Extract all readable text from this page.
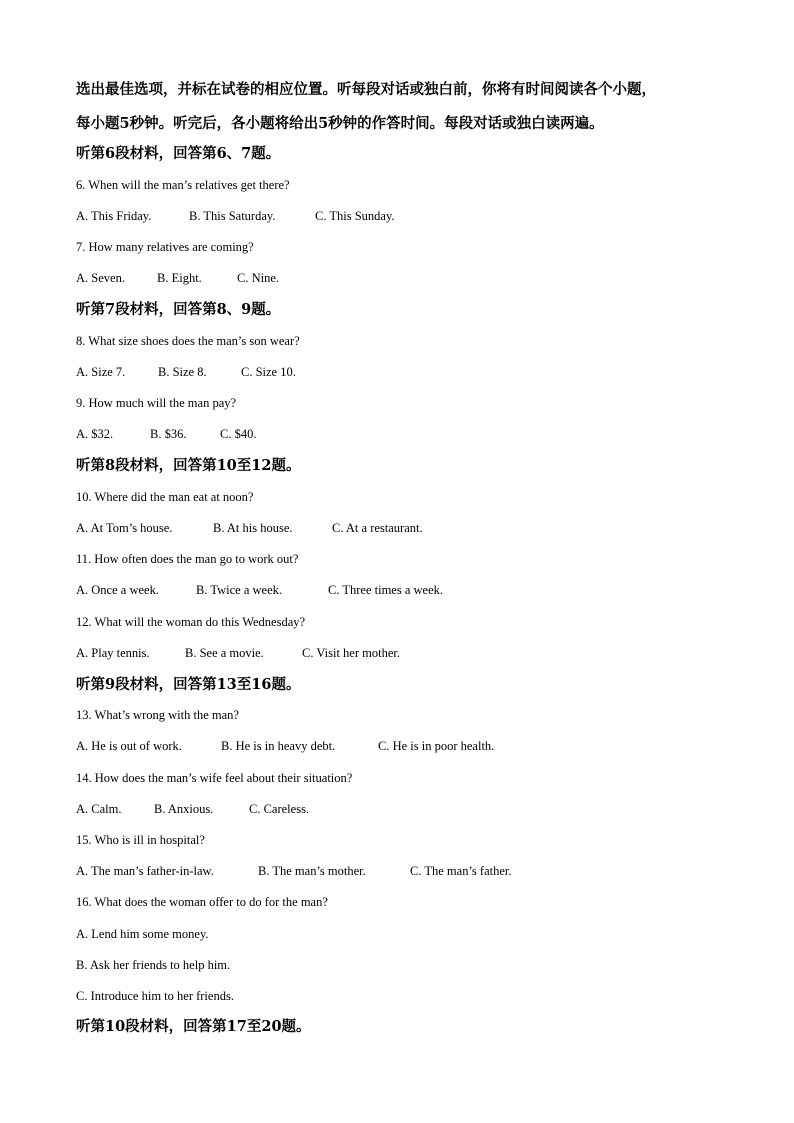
选出最佳选项，并标在试卷的相应位置。听每段对话或独白前，你将有时间阅读各个小题，
每小题5秒钟。听完后，各小题将给出5秒钟的作答时间。每段对话或独白读两遍。
听第6段材料，回答第6、7题。
6. When will the man’s relatives get there?
A. This Friday.	B. This Saturday.	C. This Sunday.
7. How many relatives are coming?
A. Seven.	B. Eight.	C. Nine.
听第7段材料，回答第8、9题。
8. What size shoes does the man’s son wear?
A. Size 7.	B. Size 8.	C. Size 10.
9. How much will the man pay?
A. $32.	B. $36.	C. $40.
听第8段材料，回答第10至12题。
10. Where did the man eat at noon?
A. At Tom’s house.	B. At his house.	C. At a restaurant.
11. How often does the man go to work out?
A. Once a week.	B. Twice a week.	C. Three times a week.
12. What will the woman do this Wednesday?
A. Play tennis.	B. See a movie.	C. Visit her mother.
听第9段材料，回答第13至16题。
13. What’s wrong with the man?
A. He is out of work.	B. He is in heavy debt.	C. He is in poor health.
14. How does the man’s wife feel about their situation?
A. Calm.	B. Anxious.	C. Careless.
15. Who is ill in hospital?
A. The man’s father-in-law.	B. The man’s mother.	C. The man’s father.
16. What does the woman offer to do for the man?
A. Lend him some money.
B. Ask her friends to help him.
C. Introduce him to her friends.
听第10段材料，回答第17至20题。
